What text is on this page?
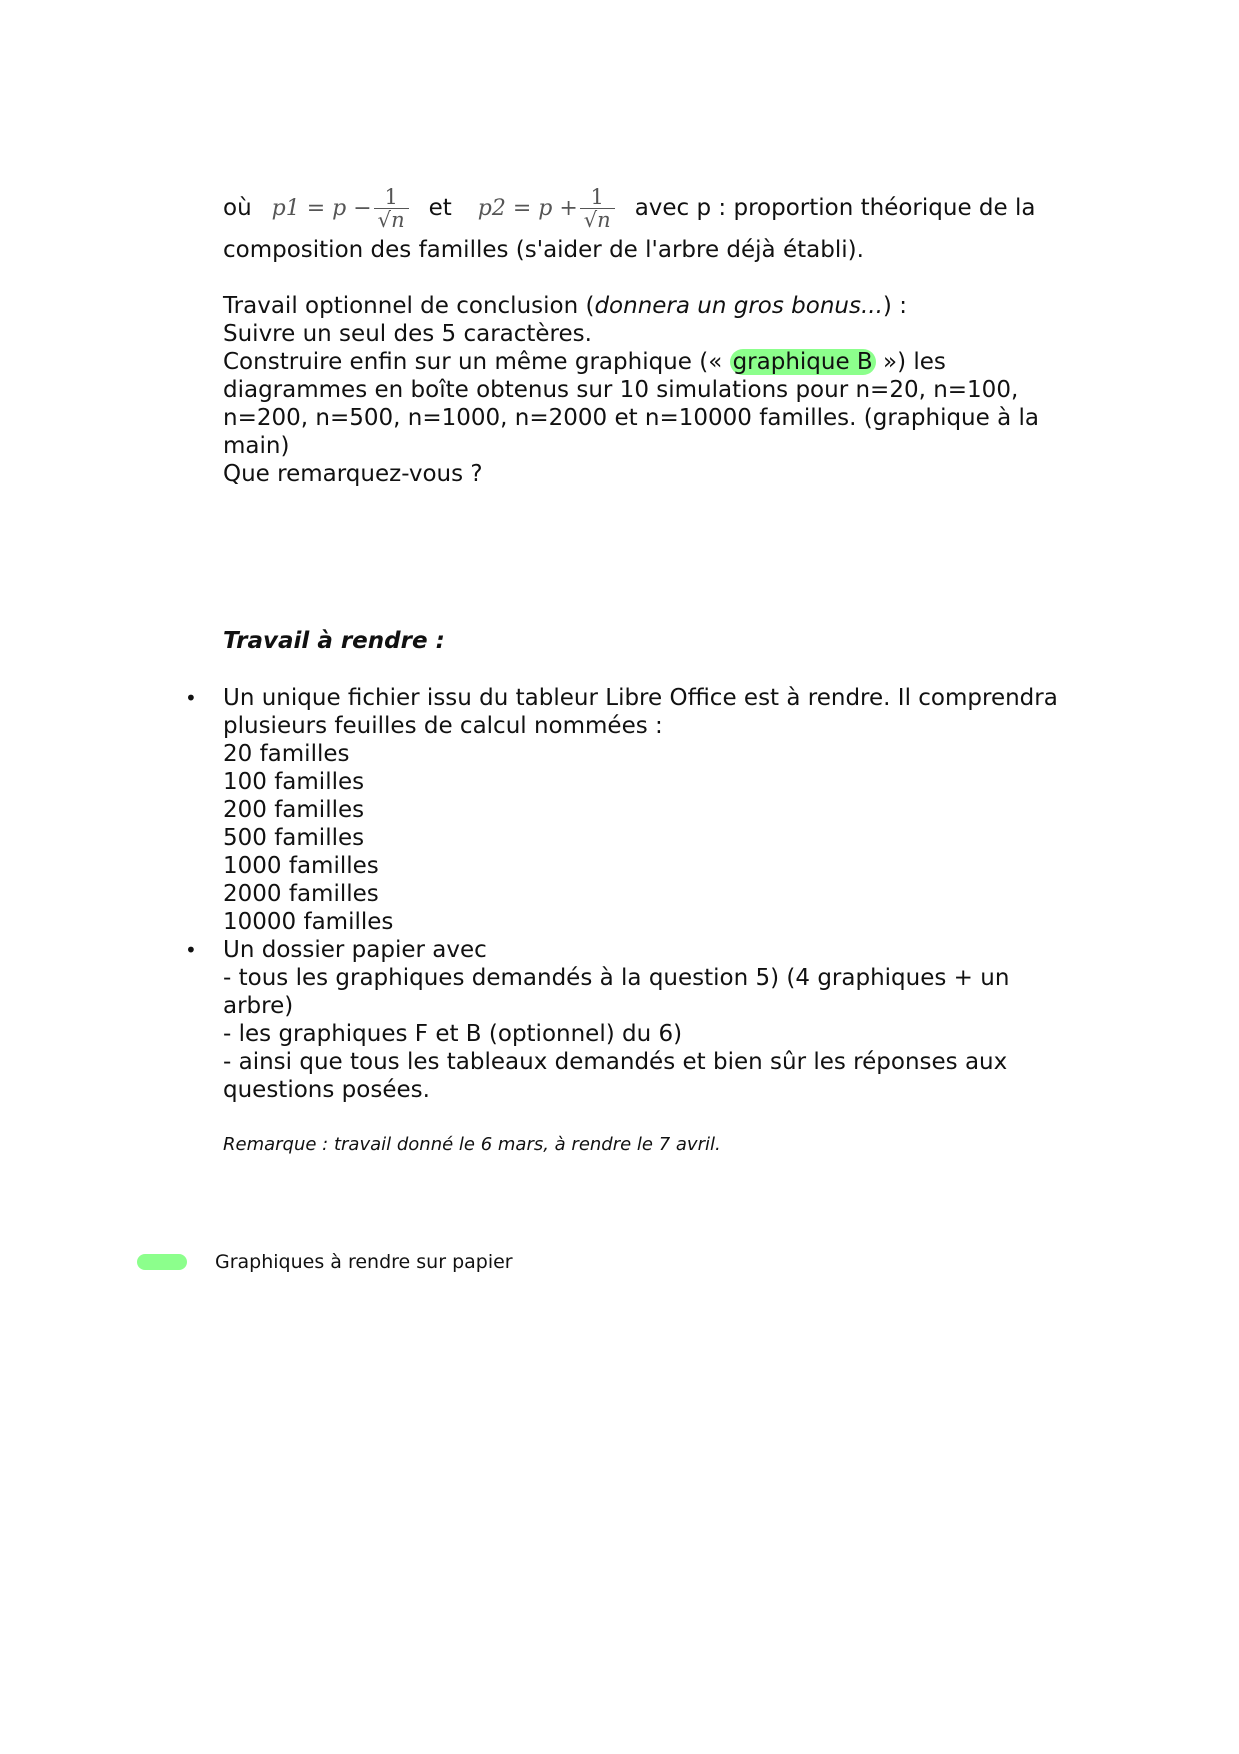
où $p1 = p - \frac{1}{√n}$ et $p2 = p + \frac{1}{√n}$ avec p : proportion théorique de la
composition des familles (s'aider de l'arbre déjà établi).
Travail optionnel de conclusion (donnera un gros bonus...) :
Suivre un seul des 5 caractères.
Construire enfin sur un même graphique (« graphique B ») les
diagrammes en boîte obtenus sur 10 simulations pour n=20, n=100,
n=200, n=500, n=1000, n=2000 et n=10000 familles. (graphique à la
main)
Que remarquez-vous ?
Travail à rendre :
• Un unique fichier issu du tableur Libre Office est à rendre. Il comprendra
plusieurs feuilles de calcul nommées :
20 familles
100 familles
200 familles
500 familles
1000 familles
2000 familles
10000 familles
• Un dossier papier avec
- tous les graphiques demandés à la question 5) (4 graphiques + un
arbre)
- les graphiques F et B (optionnel) du 6)
- ainsi que tous les tableaux demandés et bien sûr les réponses aux
questions posées.
Remarque : travail donné le 6 mars, à rendre le 7 avril.
Graphiques à rendre sur papier
